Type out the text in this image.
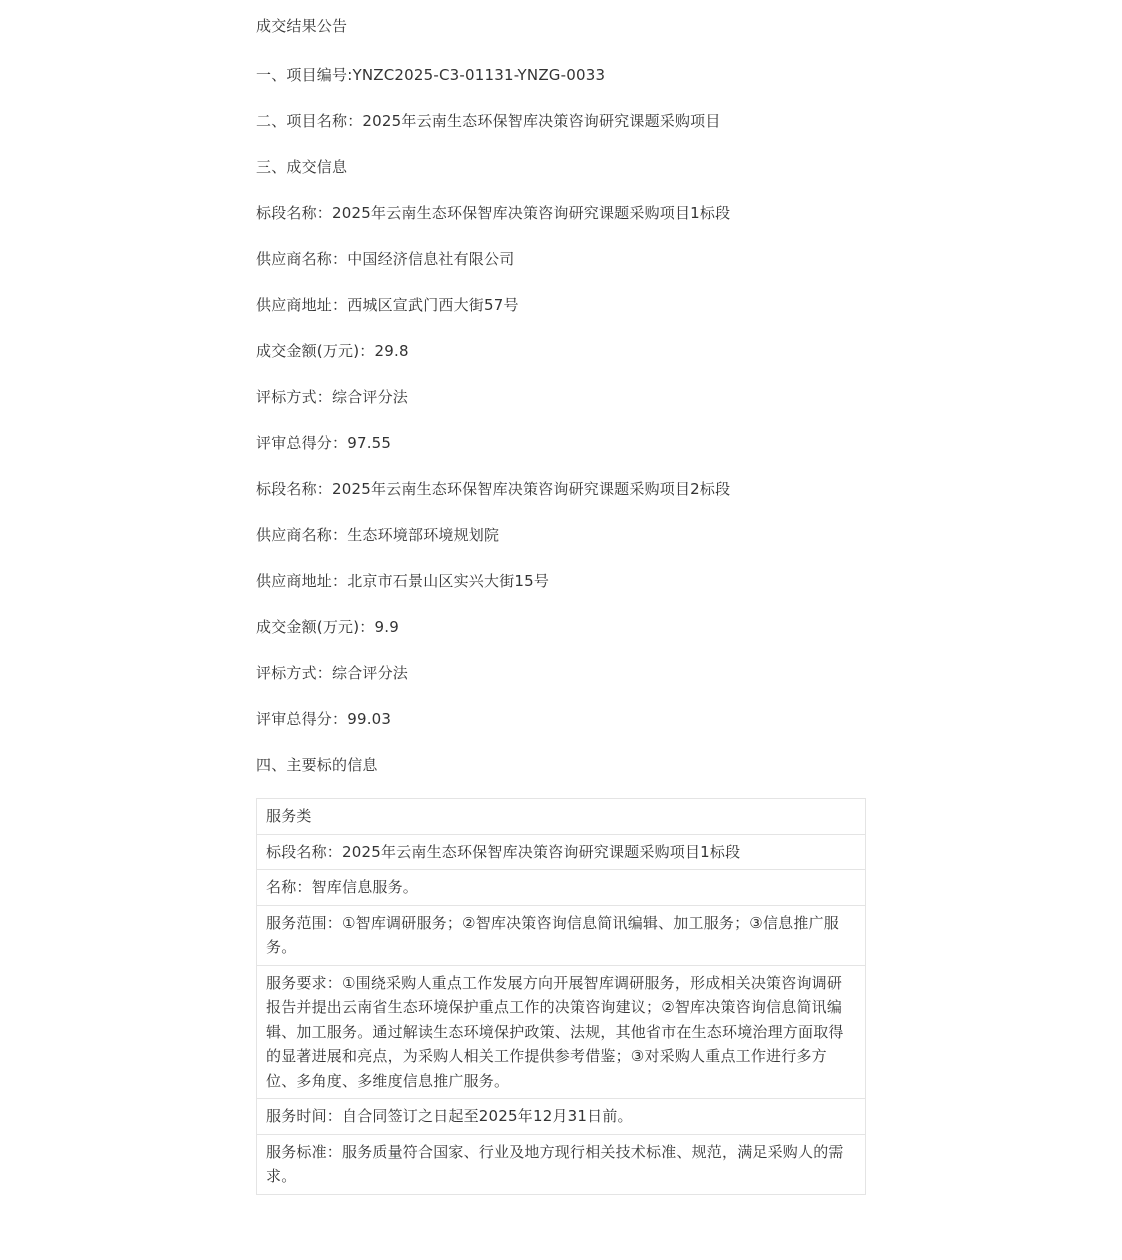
成交结果公告

一、项目编号:YNZC2025-C3-01131-YNZG-0033

二、项目名称：2025年云南生态环保智库决策咨询研究课题采购项目

三、成交信息

标段名称：2025年云南生态环保智库决策咨询研究课题采购项目1标段

供应商名称：中国经济信息社有限公司

供应商地址：西城区宣武门西大街57号

成交金额(万元)：29.8

评标方式：综合评分法

评审总得分：97.55

标段名称：2025年云南生态环保智库决策咨询研究课题采购项目2标段

供应商名称：生态环境部环境规划院

供应商地址：北京市石景山区实兴大街15号

成交金额(万元)：9.9

评标方式：综合评分法

评审总得分：99.03

四、主要标的信息

服务类
标段名称：2025年云南生态环保智库决策咨询研究课题采购项目1标段
名称：智库信息服务。
服务范围：①智库调研服务；②智库决策咨询信息简讯编辑、加工服务；③信息推广服务。
服务要求：①围绕采购人重点工作发展方向开展智库调研服务，形成相关决策咨询调研报告并提出云南省生态环境保护重点工作的决策咨询建议；②智库决策咨询信息简讯编辑、加工服务。通过解读生态环境保护政策、法规，其他省市在生态环境治理方面取得的显著进展和亮点，为采购人相关工作提供参考借鉴；③对采购人重点工作进行多方位、多角度、多维度信息推广服务。
服务时间：自合同签订之日起至2025年12月31日前。
服务标准：服务质量符合国家、行业及地方现行相关技术标准、规范，满足采购人的需求。
